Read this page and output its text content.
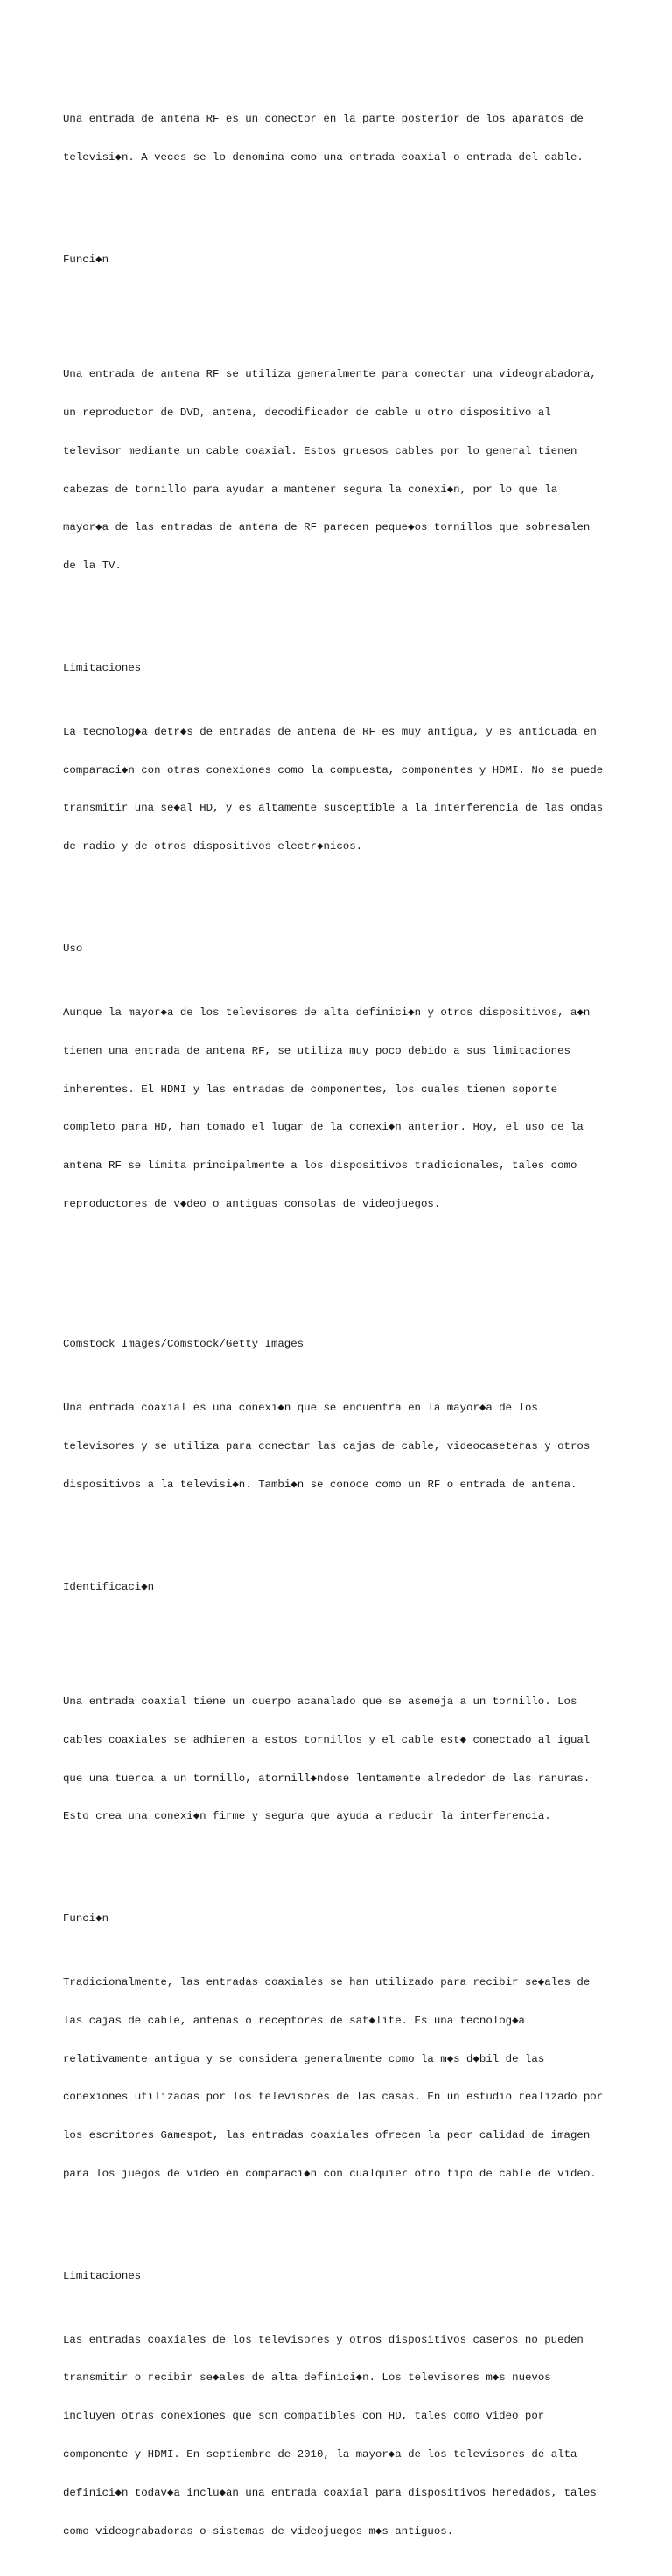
Una entrada de antena RF es un conector en la parte posterior de los aparatos de

televisi◆n. A veces se lo denomina como una entrada coaxial o entrada del cable.

Funci◆n

Una entrada de antena RF se utiliza generalmente para conectar una videograbadora,

un reproductor de DVD, antena, decodificador de cable u otro dispositivo al

televisor mediante un cable coaxial. Estos gruesos cables por lo general tienen

cabezas de tornillo para ayudar a mantener segura la conexi◆n, por lo que la

mayor◆a de las entradas de antena de RF parecen peque◆os tornillos que sobresalen

de la TV.

Limitaciones

La tecnolog◆a detr◆s de entradas de antena de RF es muy antigua, y es anticuada en

comparaci◆n con otras conexiones como la compuesta, componentes y HDMI. No se puede

transmitir una se◆al HD, y es altamente susceptible a la interferencia de las ondas

de radio y de otros dispositivos electr◆nicos.

Uso

Aunque la mayor◆a de los televisores de alta definici◆n y otros dispositivos, a◆n

tienen una entrada de antena RF, se utiliza muy poco debido a sus limitaciones

inherentes. El HDMI y las entradas de componentes, los cuales tienen soporte

completo para HD, han tomado el lugar de la conexi◆n anterior. Hoy, el uso de la

antena RF se limita principalmente a los dispositivos tradicionales, tales como

reproductores de v◆deo o antiguas consolas de videojuegos.

Comstock Images/Comstock/Getty Images

Una entrada coaxial es una conexi◆n que se encuentra en la mayor◆a de los

televisores y se utiliza para conectar las cajas de cable, videocaseteras y otros

dispositivos a la televisi◆n. Tambi◆n se conoce como un RF o entrada de antena.

Identificaci◆n

Una entrada coaxial tiene un cuerpo acanalado que se asemeja a un tornillo. Los

cables coaxiales se adhieren a estos tornillos y el cable est◆ conectado al igual

que una tuerca a un tornillo, atornill◆ndose lentamente alrededor de las ranuras.

Esto crea una conexi◆n firme y segura que ayuda a reducir la interferencia.

Funci◆n

Tradicionalmente, las entradas coaxiales se han utilizado para recibir se◆ales de

las cajas de cable, antenas o receptores de sat◆lite. Es una tecnolog◆a

relativamente antigua y se considera generalmente como la m◆s d◆bil de las

conexiones utilizadas por los televisores de las casas. En un estudio realizado por

los escritores Gamespot, las entradas coaxiales ofrecen la peor calidad de imagen

para los juegos de video en comparaci◆n con cualquier otro tipo de cable de video.

Limitaciones

Las entradas coaxiales de los televisores y otros dispositivos caseros no pueden

transmitir o recibir se◆ales de alta definici◆n. Los televisores m◆s nuevos

incluyen otras conexiones que son compatibles con HD, tales como video por

componente y HDMI. En septiembre de 2010, la mayor◆a de los televisores de alta

definici◆n todav◆a inclu◆an una entrada coaxial para dispositivos heredados, tales

como videograbadoras o sistemas de videojuegos m◆s antiguos.
